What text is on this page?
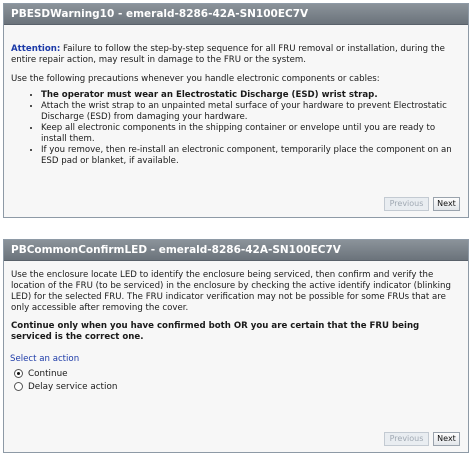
PBESDWarning10 - emerald-8286-42A-SN100EC7V

Attention: Failure to follow the step-by-step sequence for all FRU removal or installation, during the entire repair action, may result in damage to the FRU or the system.

Use the following precautions whenever you handle electronic components or cables:

• The operator must wear an Electrostatic Discharge (ESD) wrist strap.
• Attach the wrist strap to an unpainted metal surface of your hardware to prevent Electrostatic Discharge (ESD) from damaging your hardware.
• Keep all electronic components in the shipping container or envelope until you are ready to install them.
• If you remove, then re-install an electronic component, temporarily place the component on an ESD pad or blanket, if available.
Previous	Next
PBCommonConfirmLED - emerald-8286-42A-SN100EC7V

Use the enclosure locate LED to identify the enclosure being serviced, then confirm and verify the location of the FRU (to be serviced) in the enclosure by checking the active identify indicator (blinking LED) for the selected FRU. The FRU indicator verification may not be possible for some FRUs that are only accessible after removing the cover.

Continue only when you have confirmed both OR you are certain that the FRU being serviced is the correct one.

Select an action
Continue
Delay service action
Previous	Next
